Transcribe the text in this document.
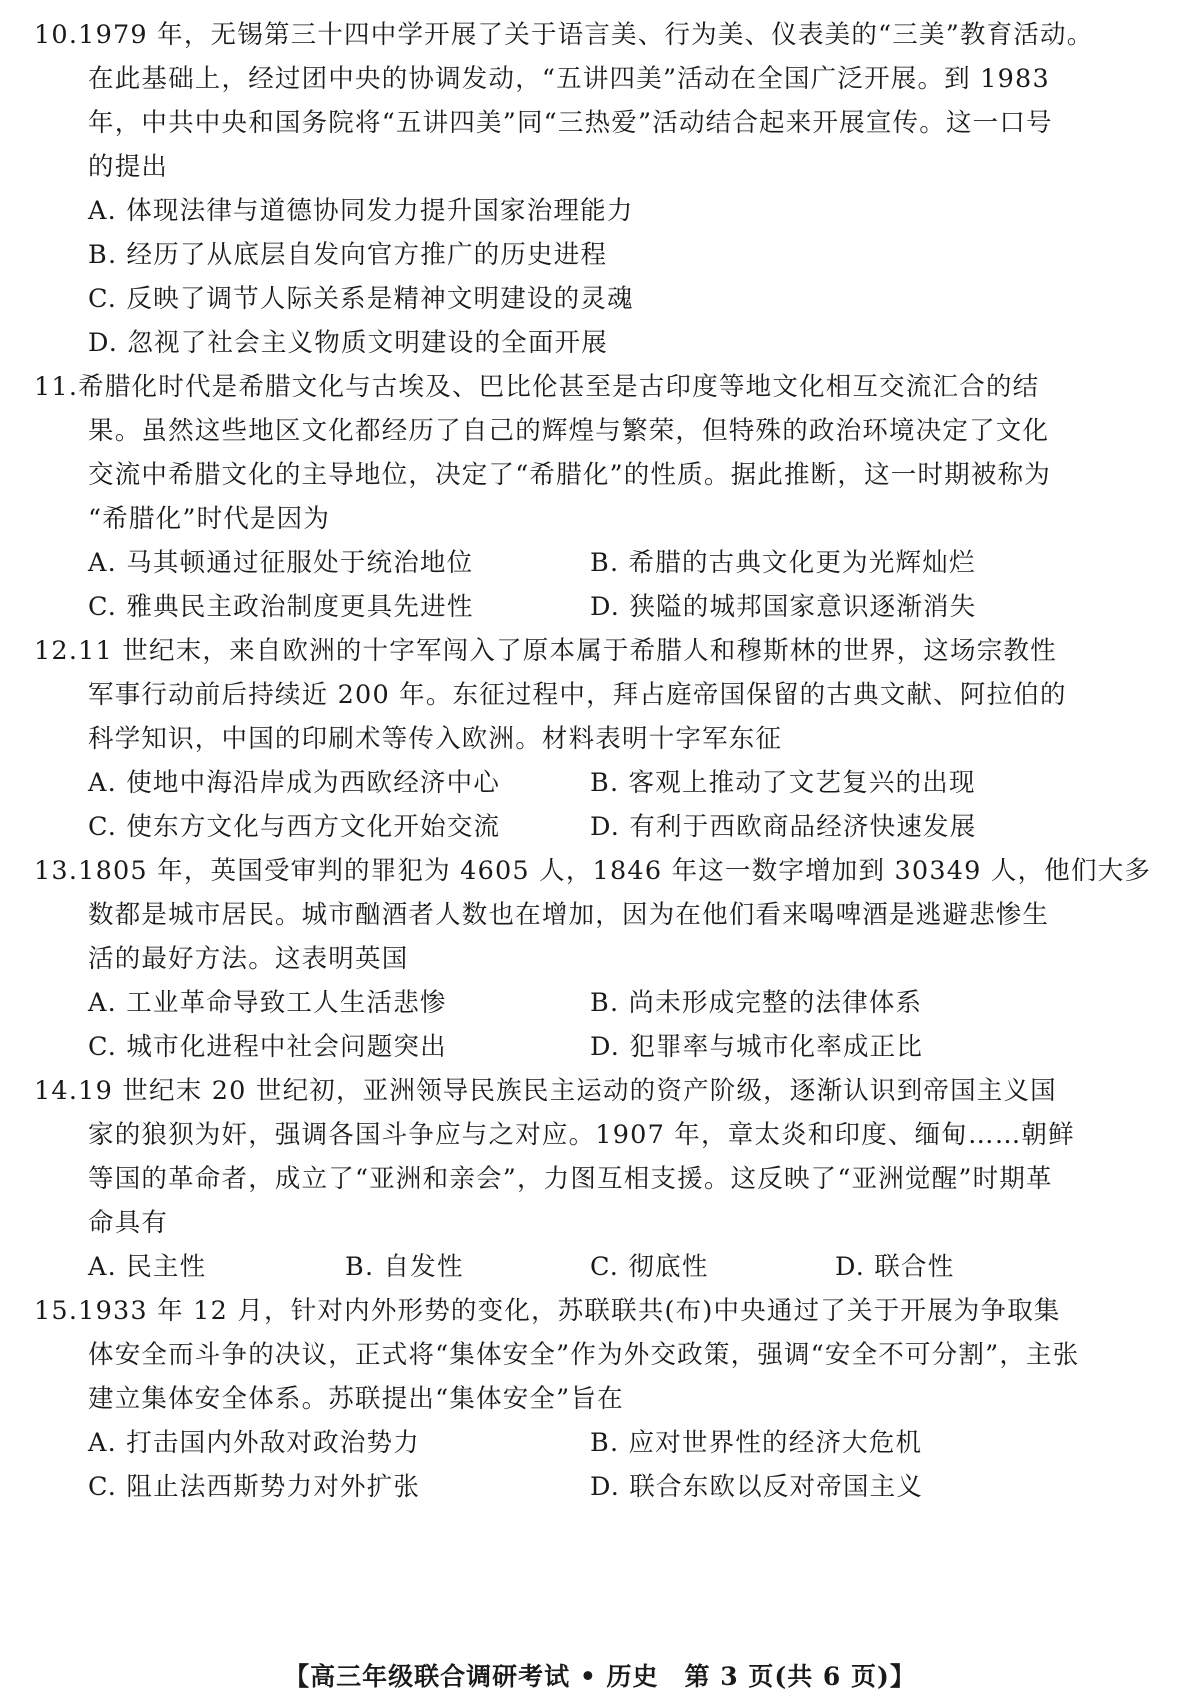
10.1979 年，无锡第三十四中学开展了关于语言美、行为美、仪表美的“三美”教育活动。
在此基础上，经过团中央的协调发动，“五讲四美”活动在全国广泛开展。到 1983
年，中共中央和国务院将“五讲四美”同“三热爱”活动结合起来开展宣传。这一口号
的提出
A. 体现法律与道德协同发力提升国家治理能力
B. 经历了从底层自发向官方推广的历史进程
C. 反映了调节人际关系是精神文明建设的灵魂
D. 忽视了社会主义物质文明建设的全面开展
11.希腊化时代是希腊文化与古埃及、巴比伦甚至是古印度等地文化相互交流汇合的结
果。虽然这些地区文化都经历了自己的辉煌与繁荣，但特殊的政治环境决定了文化
交流中希腊文化的主导地位，决定了“希腊化”的性质。据此推断，这一时期被称为
“希腊化”时代是因为
A. 马其顿通过征服处于统治地位	B. 希腊的古典文化更为光辉灿烂
C. 雅典民主政治制度更具先进性	D. 狭隘的城邦国家意识逐渐消失
12.11 世纪末，来自欧洲的十字军闯入了原本属于希腊人和穆斯林的世界，这场宗教性
军事行动前后持续近 200 年。东征过程中，拜占庭帝国保留的古典文献、阿拉伯的
科学知识，中国的印刷术等传入欧洲。材料表明十字军东征
A. 使地中海沿岸成为西欧经济中心	B. 客观上推动了文艺复兴的出现
C. 使东方文化与西方文化开始交流	D. 有利于西欧商品经济快速发展
13.1805 年，英国受审判的罪犯为 4605 人，1846 年这一数字增加到 30349 人，他们大多
数都是城市居民。城市酗酒者人数也在增加，因为在他们看来喝啤酒是逃避悲惨生
活的最好方法。这表明英国
A. 工业革命导致工人生活悲惨	B. 尚未形成完整的法律体系
C. 城市化进程中社会问题突出	D. 犯罪率与城市化率成正比
14.19 世纪末 20 世纪初，亚洲领导民族民主运动的资产阶级，逐渐认识到帝国主义国
家的狼狈为奸，强调各国斗争应与之对应。1907 年，章太炎和印度、缅甸……朝鲜
等国的革命者，成立了“亚洲和亲会”，力图互相支援。这反映了“亚洲觉醒”时期革
命具有
A. 民主性	B. 自发性	C. 彻底性	D. 联合性
15.1933 年 12 月，针对内外形势的变化，苏联联共(布)中央通过了关于开展为争取集
体安全而斗争的决议，正式将“集体安全”作为外交政策，强调“安全不可分割”，主张
建立集体安全体系。苏联提出“集体安全”旨在
A. 打击国内外敌对政治势力	B. 应对世界性的经济大危机
C. 阻止法西斯势力对外扩张	D. 联合东欧以反对帝国主义
【高三年级联合调研考试 • 历史　第 3 页(共 6 页)】
